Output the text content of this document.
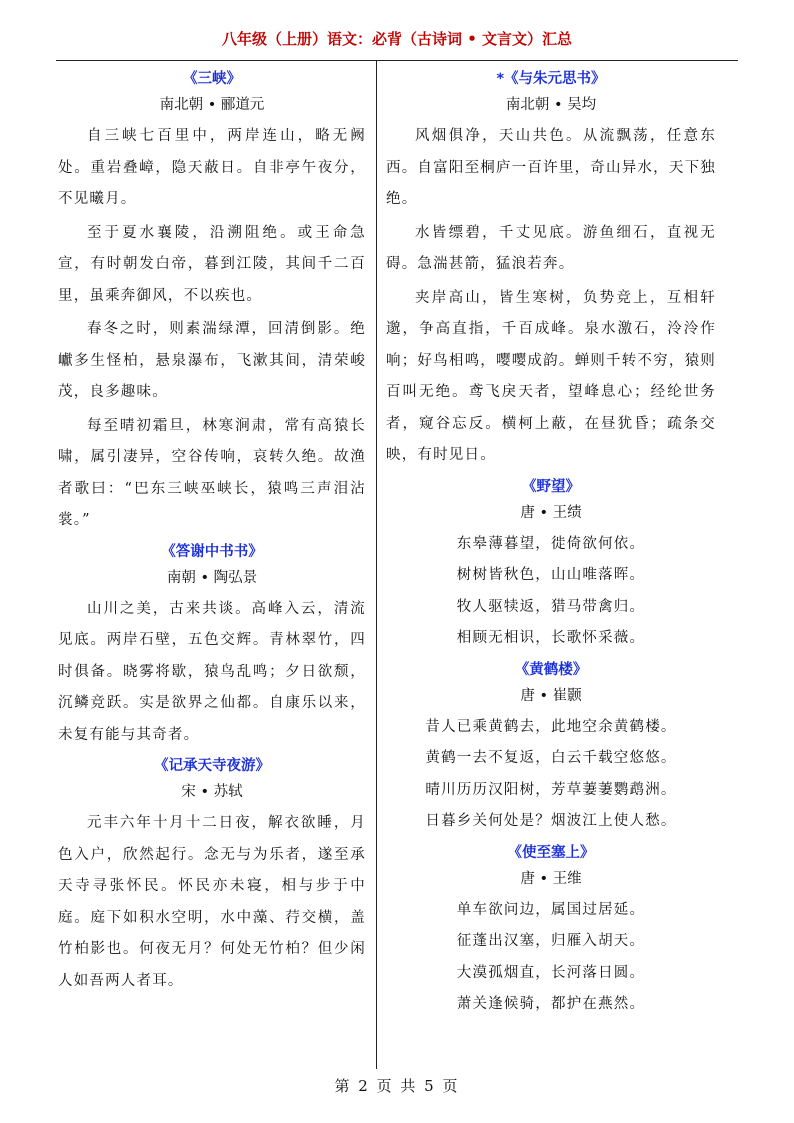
八年级（上册）语文：必背（古诗词 • 文言文）汇总
《三峡》
南北朝 • 郦道元

自三峡七百里中，两岸连山，略无阙处。重岩叠嶂，隐天蔽日。自非亭午夜分，不见曦月。

至于夏水襄陵，沿溯阻绝。或王命急宣，有时朝发白帝，暮到江陵，其间千二百里，虽乘奔御风，不以疾也。

春冬之时，则素湍绿潭，回清倒影。绝巘多生怪柏，悬泉瀑布，飞漱其间，清荣峻茂，良多趣味。

每至晴初霜旦，林寒涧肃，常有高猿长啸，属引凄异，空谷传响，哀转久绝。故渔者歌曰：“巴东三峡巫峡长，猿鸣三声泪沾裳。”

《答谢中书书》
南朝 • 陶弘景

山川之美，古来共谈。高峰入云，清流见底。两岸石壁，五色交辉。青林翠竹，四时俱备。晓雾将歇，猿鸟乱鸣；夕日欲颓，沉鳞竞跃。实是欲界之仙都。自康乐以来，未复有能与其奇者。

《记承天寺夜游》
宋 • 苏轼

元丰六年十月十二日夜，解衣欲睡，月色入户，欣然起行。念无与为乐者，遂至承天寺寻张怀民。怀民亦未寝，相与步于中庭。庭下如积水空明，水中藻、荇交横，盖竹柏影也。何夜无月？何处无竹柏？但少闲人如吾两人者耳。

*《与朱元思书》
南北朝 • 吴均

风烟俱净，天山共色。从流飘荡，任意东西。自富阳至桐庐一百许里，奇山异水，天下独绝。

水皆缥碧，千丈见底。游鱼细石，直视无碍。急湍甚箭，猛浪若奔。

夹岸高山，皆生寒树，负势竞上，互相轩邈，争高直指，千百成峰。泉水激石，泠泠作响；好鸟相鸣，嘤嘤成韵。蝉则千转不穷，猿则百叫无绝。鸢飞戾天者，望峰息心；经纶世务者，窥谷忘反。横柯上蔽，在昼犹昏；疏条交映，有时见日。

《野望》
唐 • 王绩
东皋薄暮望，徙倚欲何依。
树树皆秋色，山山唯落晖。
牧人驱犊返，猎马带禽归。
相顾无相识，长歌怀采薇。
《黄鹤楼》
唐 • 崔颢
昔人已乘黄鹤去，此地空余黄鹤楼。
黄鹤一去不复返，白云千载空悠悠。
晴川历历汉阳树，芳草萋萋鹦鹉洲。
日暮乡关何处是？烟波江上使人愁。
《使至塞上》
唐 • 王维
单车欲问边，属国过居延。
征蓬出汉塞，归雁入胡天。
大漠孤烟直，长河落日圆。
萧关逢候骑，都护在燕然。
第 2 页 共 5 页
